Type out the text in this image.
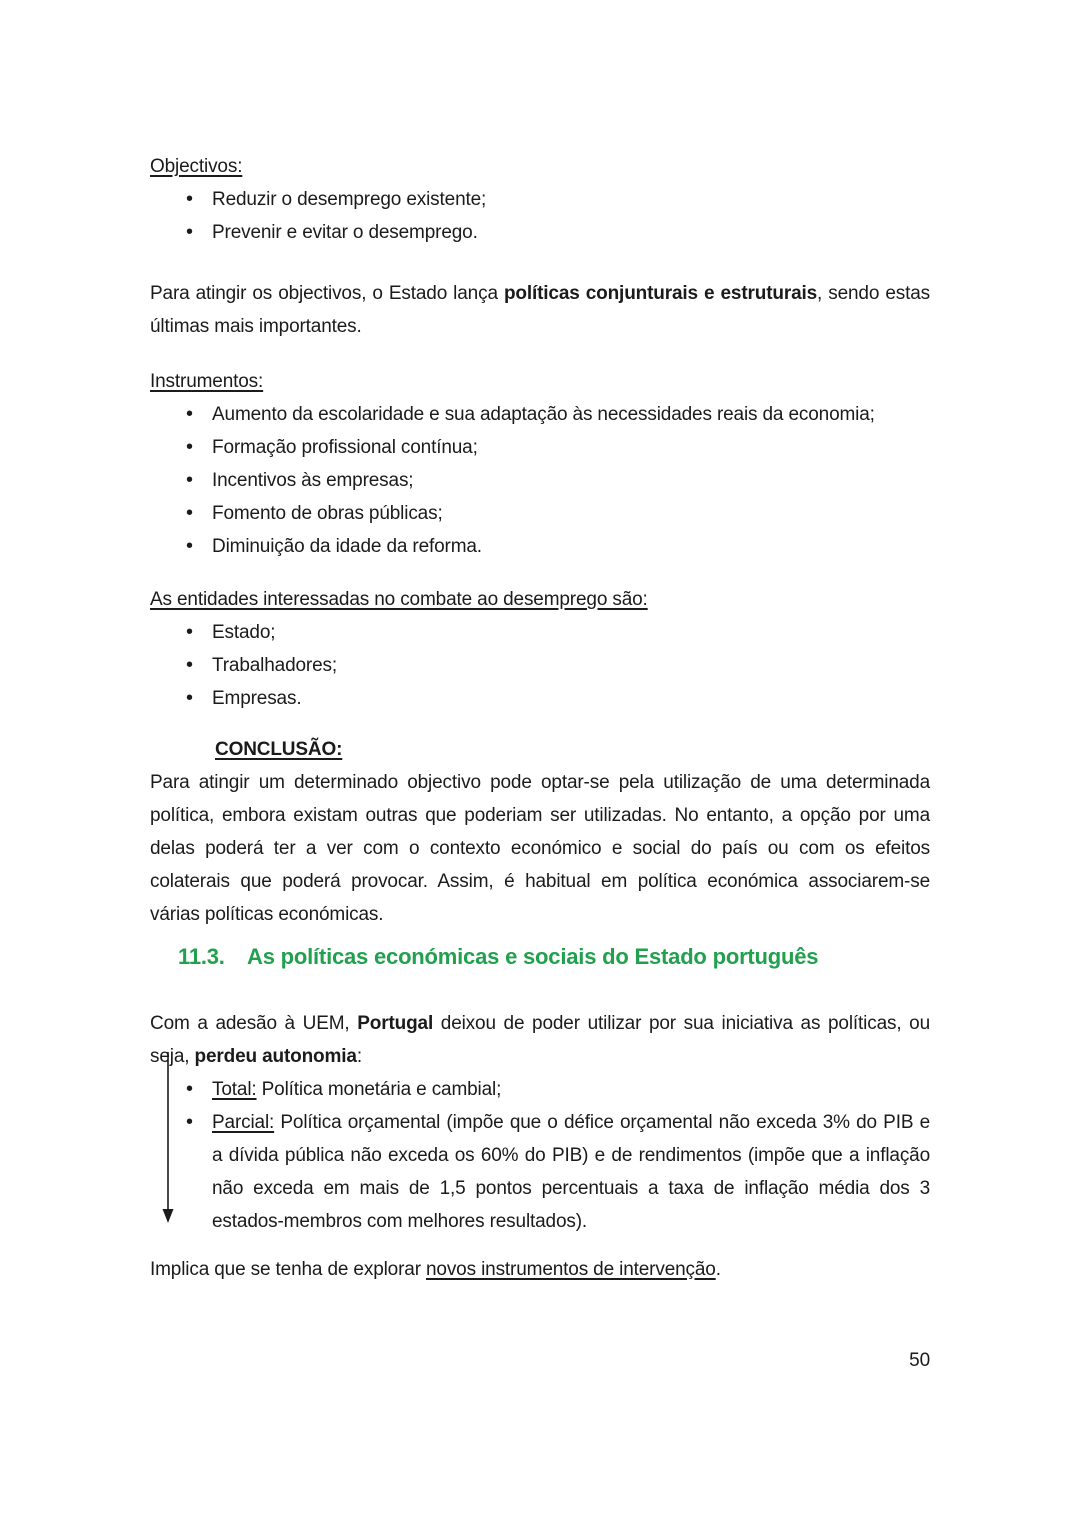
Objectivos:
•
Reduzir o desemprego existente;
•
Prevenir e evitar o desemprego.
Para atingir os objectivos, o Estado lança políticas conjunturais e estruturais, sendo estas últimas mais importantes.
Instrumentos:
•
Aumento da escolaridade e sua adaptação às necessidades reais da economia;
•
Formação profissional contínua;
•
Incentivos às empresas;
•
Fomento de obras públicas;
•
Diminuição da idade da reforma.
As entidades interessadas no combate ao desemprego são:
•
Estado;
•
Trabalhadores;
•
Empresas.
CONCLUSÃO:
Para atingir um determinado objectivo pode optar-se pela utilização de uma determinada política, embora existam outras que poderiam ser utilizadas. No entanto, a opção por uma delas poderá ter a ver com o contexto económico e social do país ou com os efeitos colaterais que poderá provocar. Assim, é habitual em política económica associarem-se várias políticas económicas.
11.3. As políticas económicas e sociais do Estado português
Com a adesão à UEM, Portugal deixou de poder utilizar por sua iniciativa as políticas, ou seja, perdeu autonomia:
•
Total: Política monetária e cambial;
•
Parcial: Política orçamental (impõe que o défice orçamental não exceda 3% do PIB e a dívida pública não exceda os 60% do PIB) e de rendimentos (impõe que a inflação não exceda em mais de 1,5 pontos percentuais a taxa de inflação média dos 3 estados-membros com melhores resultados).
Implica que se tenha de explorar novos instrumentos de intervenção.
50
